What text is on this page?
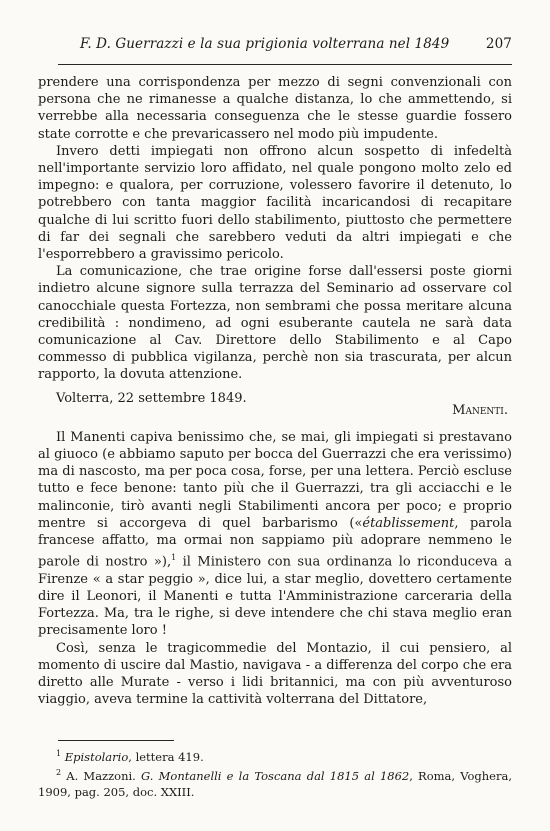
F. D. Guerrazzi e la sua prigionia volterrana nel 1849	207

prendere una corrispondenza per mezzo di segni convenzionali con persona che ne rimanesse a qualche distanza, lo che ammettendo, si verrebbe alla necessaria conseguenza che le stesse guardie fossero state corrotte e che prevaricassero nel modo più impudente.

Invero detti impiegati non offrono alcun sospetto di infedeltà nell'importante servizio loro affidato, nel quale pongono molto zelo ed impegno: e qualora, per corruzione, volessero favorire il detenuto, lo potrebbero con tanta maggior facilità incaricandosi di recapitare qualche di lui scritto fuori dello stabilimento, piuttosto che permettere di far dei segnali che sarebbero veduti da altri impiegati e che l'esporrebbero a gravissimo pericolo.

La comunicazione, che trae origine forse dall'essersi poste giorni indietro alcune signore sulla terrazza del Seminario ad osservare col canocchiale questa Fortezza, non sembrami che possa meritare alcuna credibilità : nondimeno, ad ogni esuberante cautela ne sarà data comunicazione al Cav. Direttore dello Stabilimento e al Capo commesso di pubblica vigilanza, perchè non sia trascurata, per alcun rapporto, la dovuta attenzione.

Volterra, 22 settembre 1849.
Manenti.

Il Manenti capiva benissimo che, se mai, gli impiegati si prestavano al giuoco (e abbiamo saputo per bocca del Guerrazzi che era verissimo) ma di nascosto, ma per poca cosa, forse, per una lettera. Perciò escluse tutto e fece benone: tanto più che il Guerrazzi, tra gli acciacchi e le malinconie, tirò avanti negli Stabilimenti ancora per poco; e proprio mentre si accorgeva di quel barbarismo («établissement, parola francese affatto, ma ormai non sappiamo più adoprare nemmeno le parole di nostro »),$^1$ il Ministero con sua ordinanza lo riconduceva a Firenze « a star peggio », dice lui, a star meglio, dovettero certamente dire il Leonori, il Manenti e tutta l'Amministrazione carceraria della Fortezza. Ma, tra le righe, si deve intendere che chi stava meglio eran precisamente loro !

Così, senza le tragicommedie del Montazio, il cui pensiero, al momento di uscire dal Mastio, navigava - a differenza del corpo che era diretto alle Murate - verso i lidi britannici, ma con più avventuroso viaggio, aveva termine la cattività volterrana del Dittatore,

$^1$ Epistolario, lettera 419.

$^2$ A. Mazzoni. G. Montanelli e la Toscana dal 1815 al 1862, Roma, Voghera, 1909, pag. 205, doc. XXIII.
